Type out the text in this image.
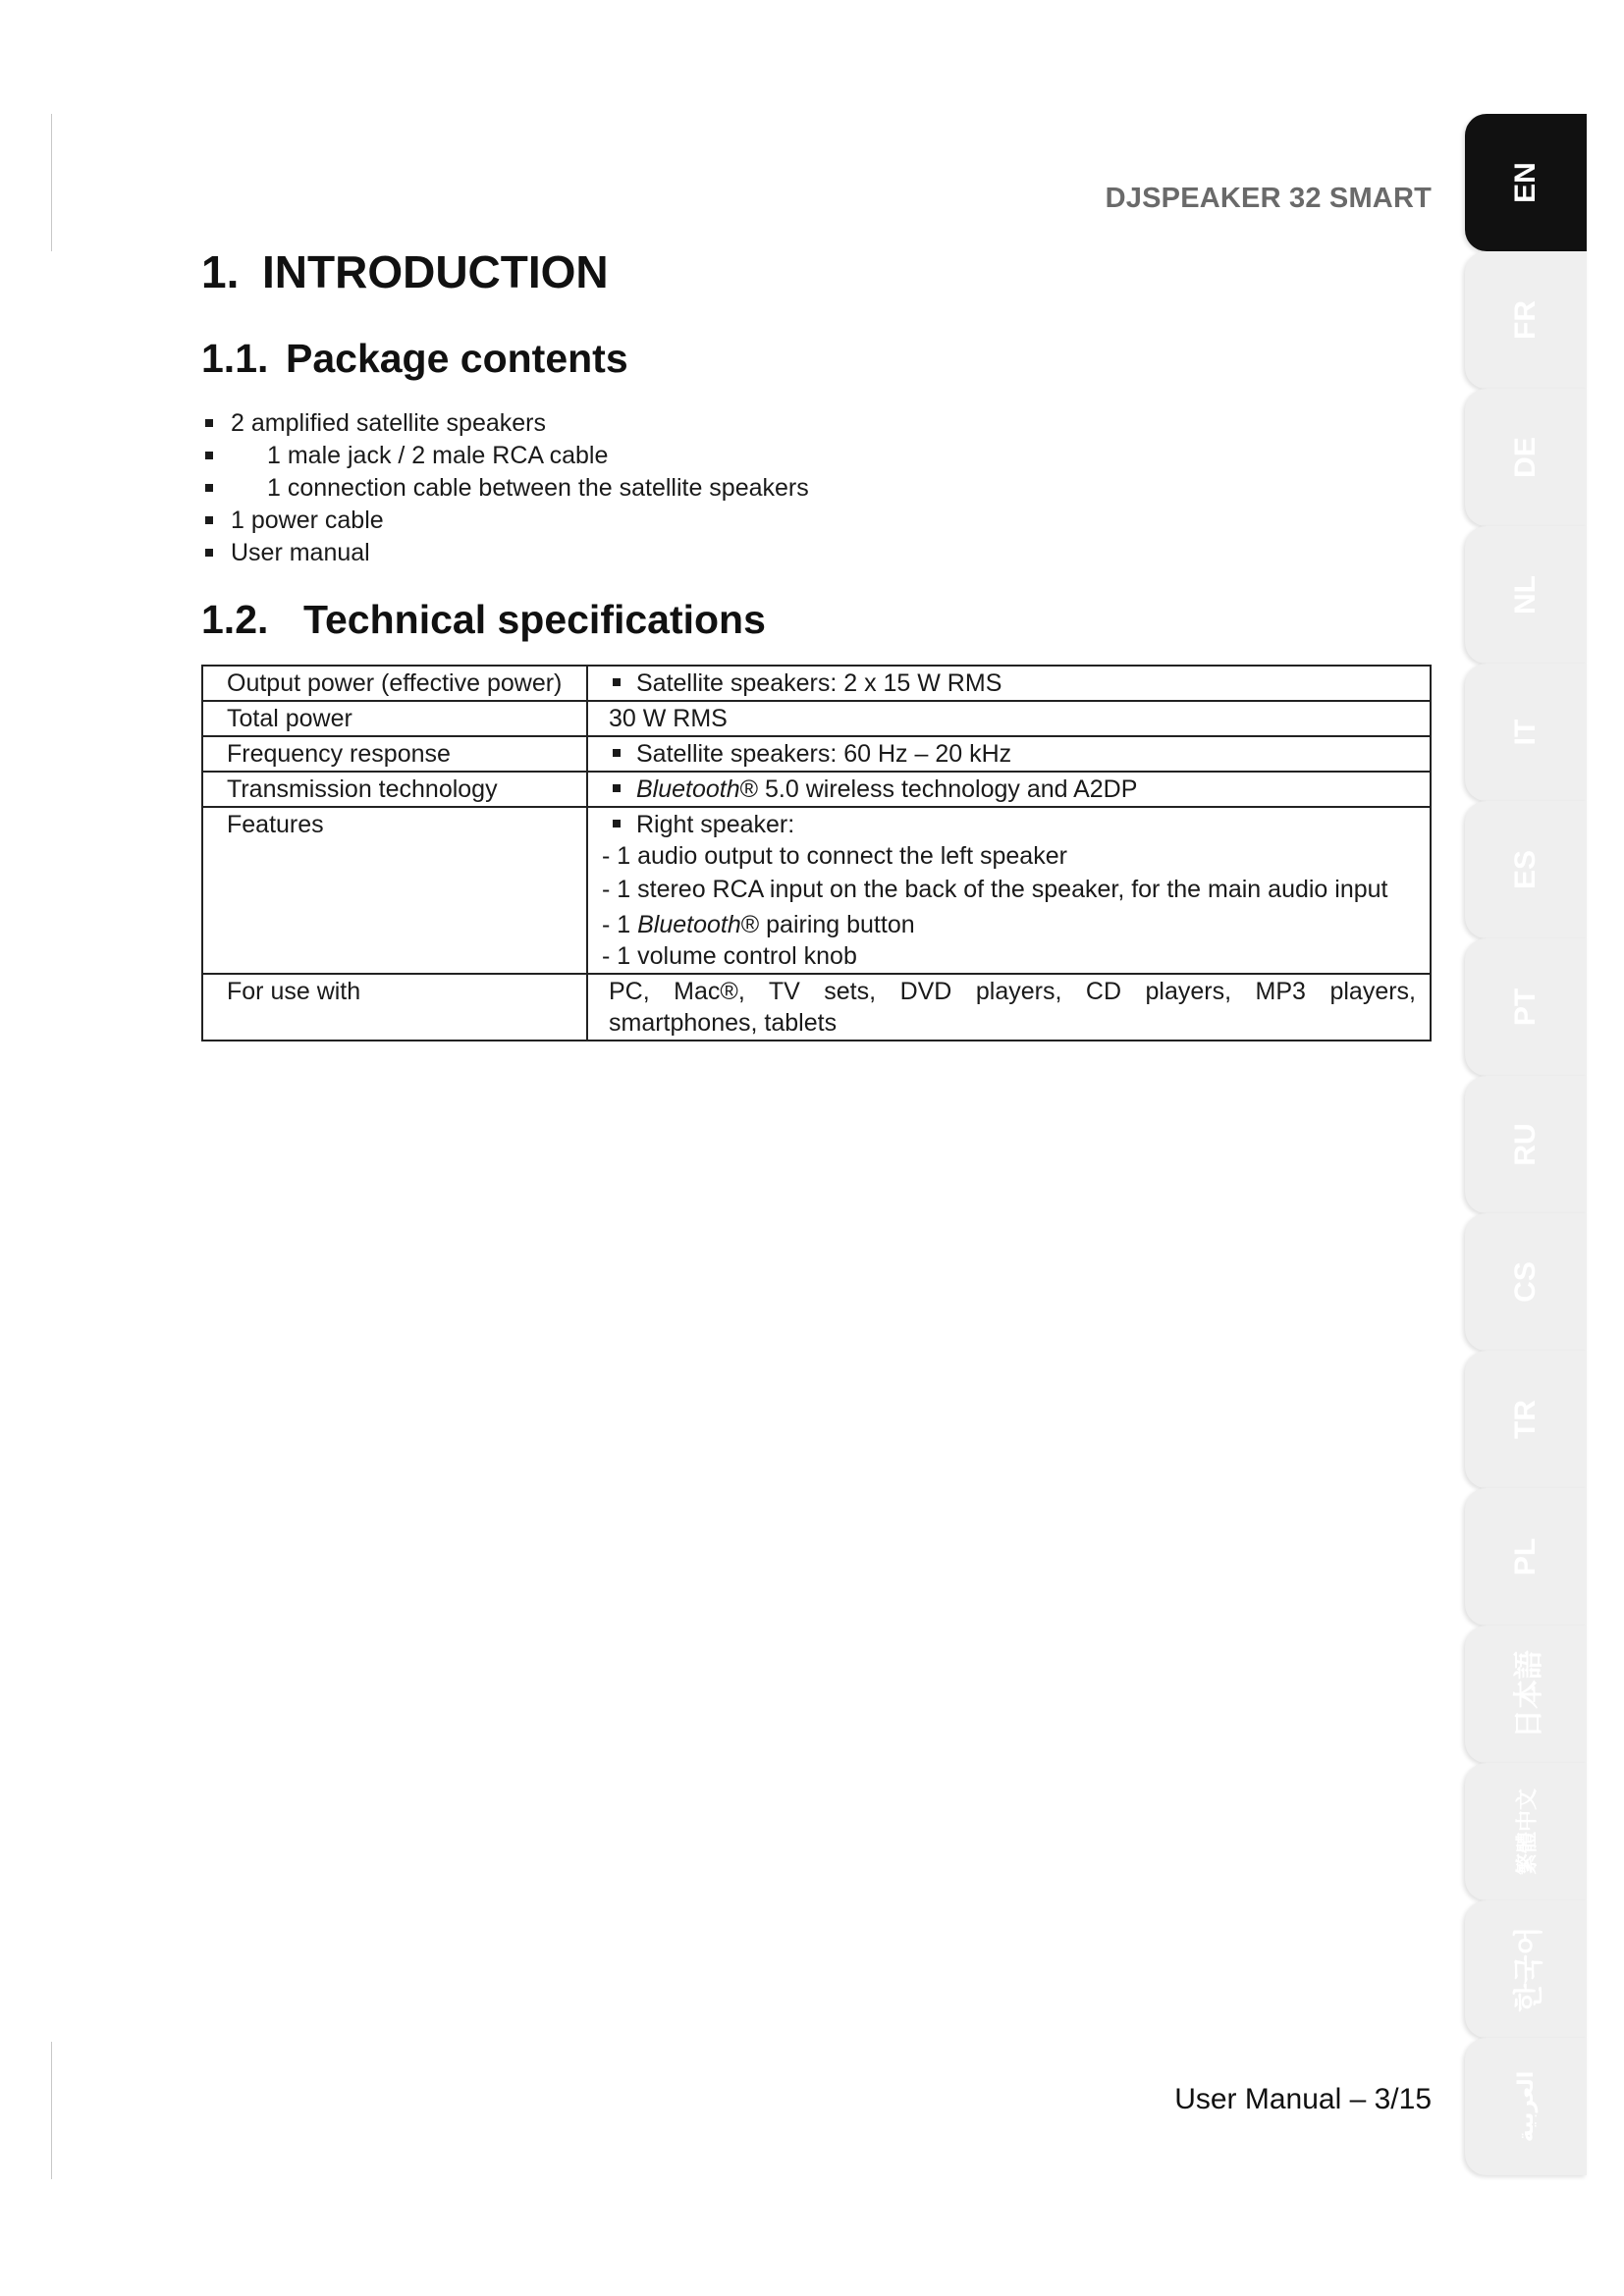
DJSPEAKER 32 SMART
1. INTRODUCTION
1.1. Package contents
2 amplified satellite speakers
1 male jack / 2 male RCA cable
1 connection cable between the satellite speakers
1 power cable
User manual
1.2. Technical specifications
Output power (effective power)	Satellite speakers: 2 x 15 W RMS
Total power	30 W RMS
Frequency response	Satellite speakers: 60 Hz – 20 kHz
Transmission technology	Bluetooth® 5.0 wireless technology and A2DP
Features	Right speaker:
- 1 audio output to connect the left speaker
- 1 stereo RCA input on the back of the speaker, for the main audio input
- 1 Bluetooth® pairing button
- 1 volume control knob

For use with	PC, Mac®, TV sets, DVD players, CD players, MP3 players, smartphones, tablets
User Manual – 3/15
EN
FR
DE
NL
IT
ES
PT
RU
CS
TR
PL
日本語
繁體中文
한국어
العربية
